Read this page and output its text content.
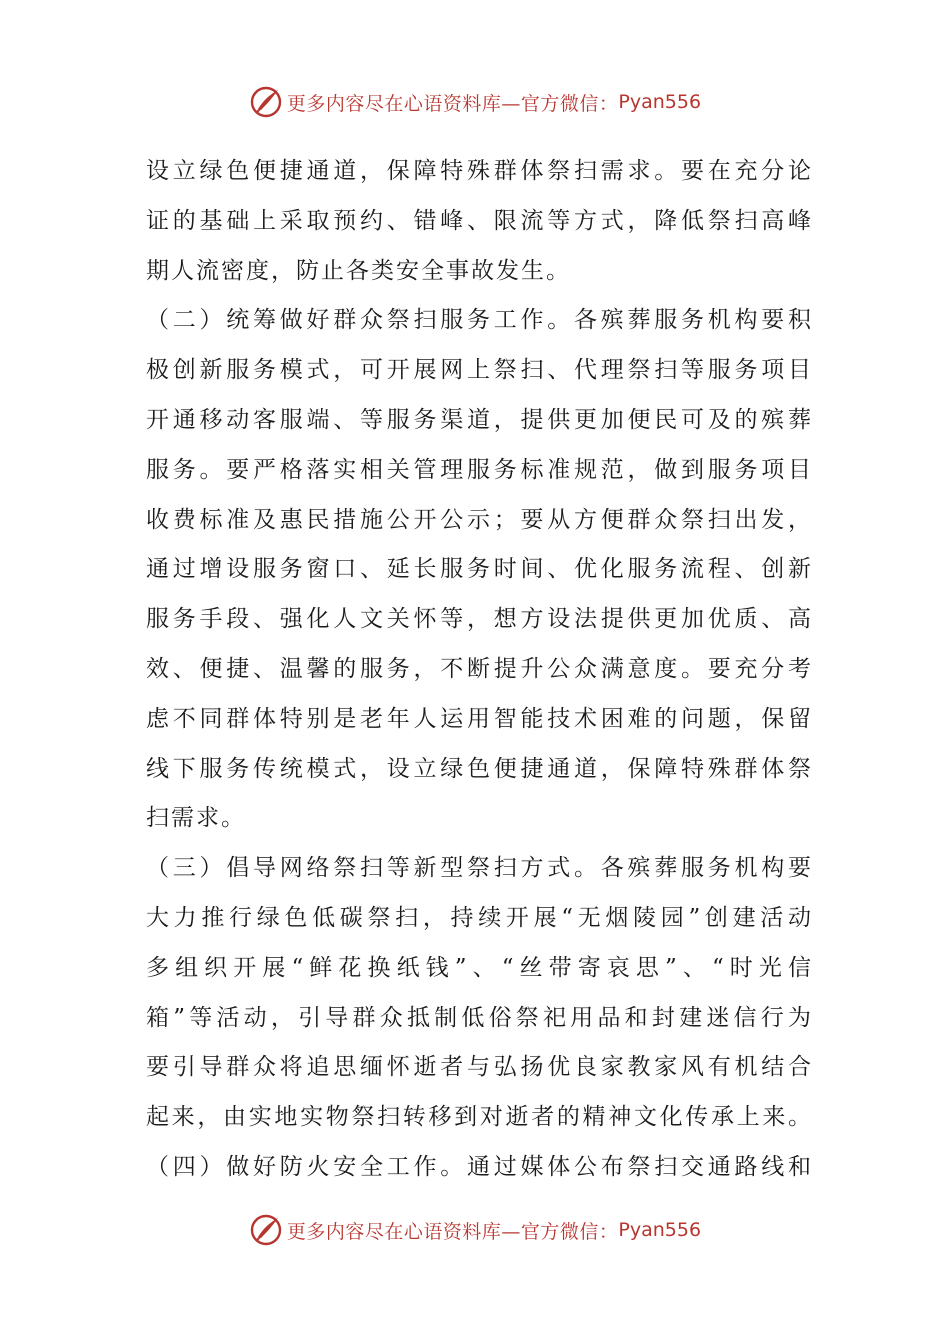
更多内容尽在心语资料库—官方微信： Pyan556
设立绿色便捷通道，保障特殊群体祭扫需求。要在充分论
证的基础上采取预约、错峰、限流等方式，降低祭扫高峰
期人流密度，防止各类安全事故发生。
（二）统筹做好群众祭扫服务工作。各殡葬服务机构要积
极创新服务模式，可开展网上祭扫、代理祭扫等服务项目
开通移动客服端、等服务渠道，提供更加便民可及的殡葬
服务。要严格落实相关管理服务标准规范，做到服务项目
收费标准及惠民措施公开公示；要从方便群众祭扫出发，
通过增设服务窗口、延长服务时间、优化服务流程、创新
服务手段、强化人文关怀等，想方设法提供更加优质、高
效、便捷、温馨的服务，不断提升公众满意度。要充分考
虑不同群体特别是老年人运用智能技术困难的问题，保留
线下服务传统模式，设立绿色便捷通道，保障特殊群体祭
扫需求。
（三）倡导网络祭扫等新型祭扫方式。各殡葬服务机构要
大力推行绿色低碳祭扫，持续开展“无烟陵园”创建活动
多组织开展“鲜花换纸钱”、“丝带寄哀思”、“时光信
箱”等活动，引导群众抵制低俗祭祀用品和封建迷信行为
要引导群众将追思缅怀逝者与弘扬优良家教家风有机结合
起来，由实地实物祭扫转移到对逝者的精神文化传承上来。
（四）做好防火安全工作。通过媒体公布祭扫交通路线和
更多内容尽在心语资料库—官方微信： Pyan556
